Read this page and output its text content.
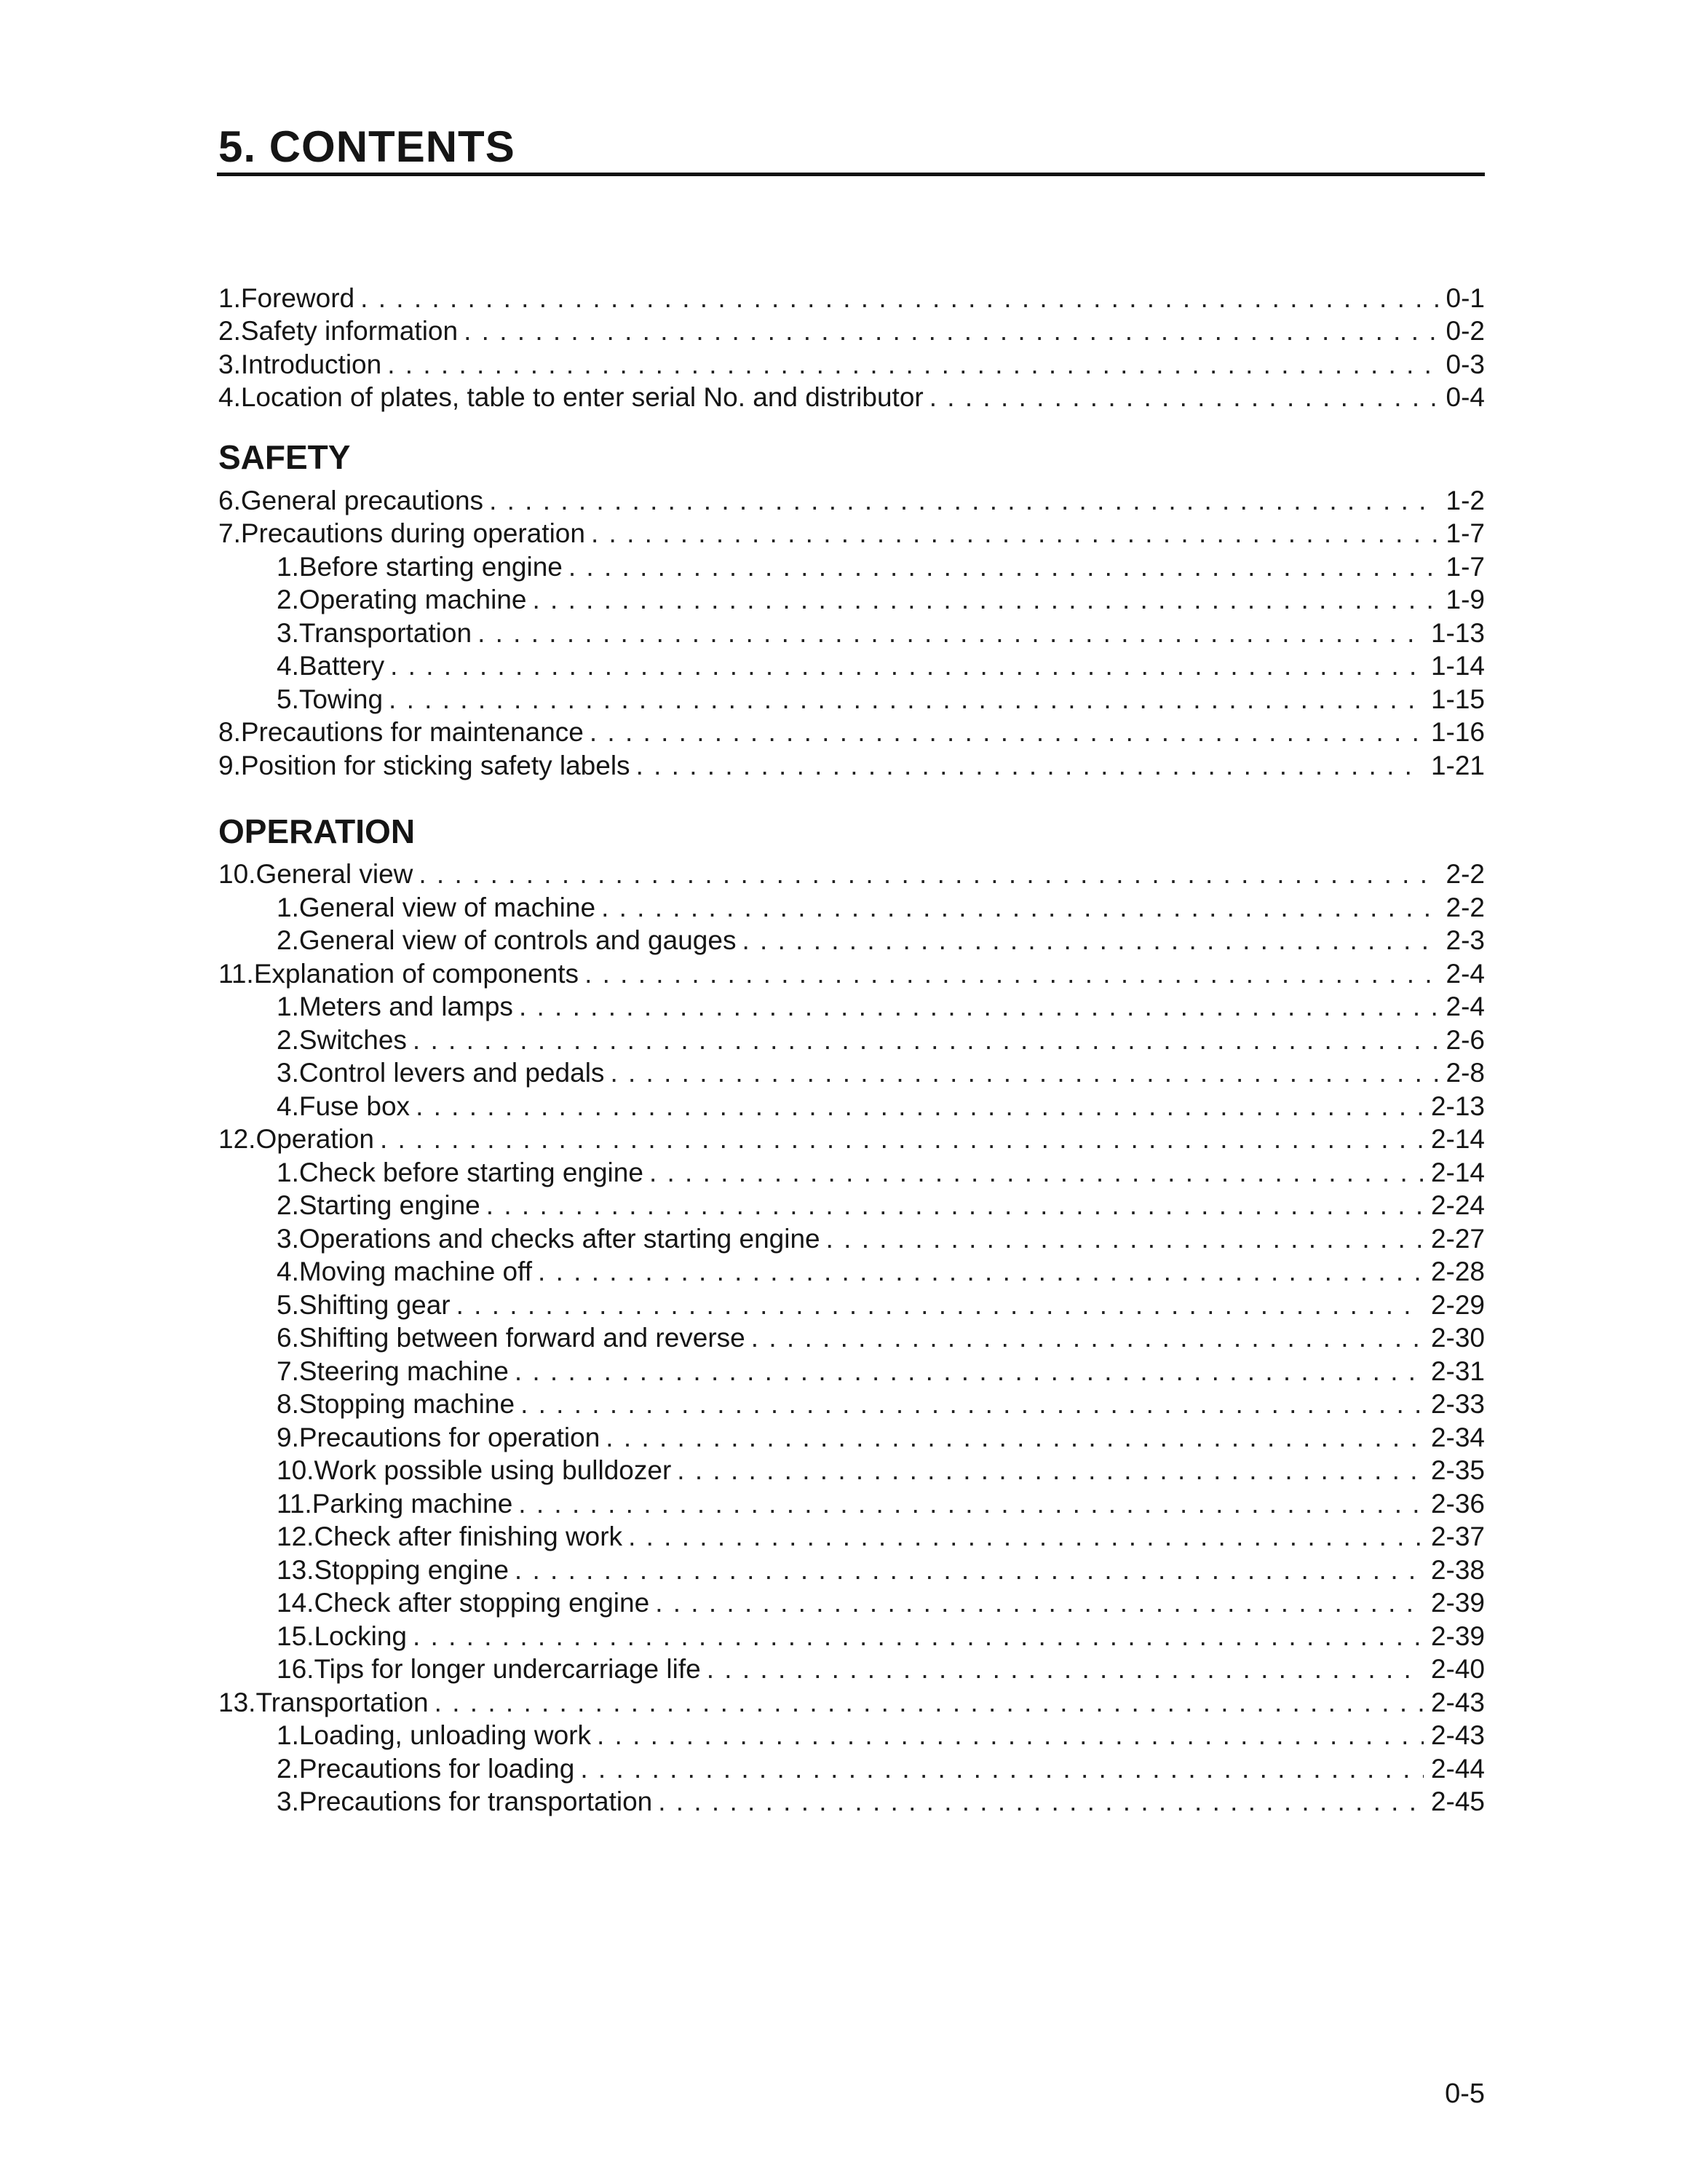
5. CONTENTS
1. Foreword . . .	0-1
2. Safety information . . .	0-2
3. Introduction . . .	0-3
4. Location of plates, table to enter serial No. and distributor . . .	0-4
SAFETY
6. General precautions . . .	1-2
7. Precautions during operation . . .	1-7
1. Before starting engine . . .	1-7
2. Operating machine . . .	1-9
3. Transportation . . .	1-13
4. Battery . . .	1-14
5. Towing . . .	1-15
8. Precautions for maintenance . . .	1-16
9. Position for sticking safety labels . . .	1-21
OPERATION
10. General view . . .	2-2
1. General view of machine . . .	2-2
2. General view of controls and gauges . . .	2-3
11. Explanation of components . . .	2-4
1. Meters and lamps . . .	2-4
2. Switches . . .	2-6
3. Control levers and pedals . . .	2-8
4. Fuse box . . .	2-13
12. Operation . . .	2-14
1. Check before starting engine . . .	2-14
2. Starting engine . . .	2-24
3. Operations and checks after starting engine . . .	2-27
4. Moving machine off . . .	2-28
5. Shifting gear . . .	2-29
6. Shifting between forward and reverse . . .	2-30
7. Steering machine . . .	2-31
8. Stopping machine . . .	2-33
9. Precautions for operation . . .	2-34
10. Work possible using bulldozer . . .	2-35
11. Parking machine . . .	2-36
12. Check after finishing work . . .	2-37
13. Stopping engine . . .	2-38
14. Check after stopping engine . . .	2-39
15. Locking . . .	2-39
16. Tips for longer undercarriage life . . .	2-40
13. Transportation . . .	2-43
1. Loading, unloading work . . .	2-43
2. Precautions for loading . . .	2-44
3. Precautions for transportation . . .	2-45

0-5
